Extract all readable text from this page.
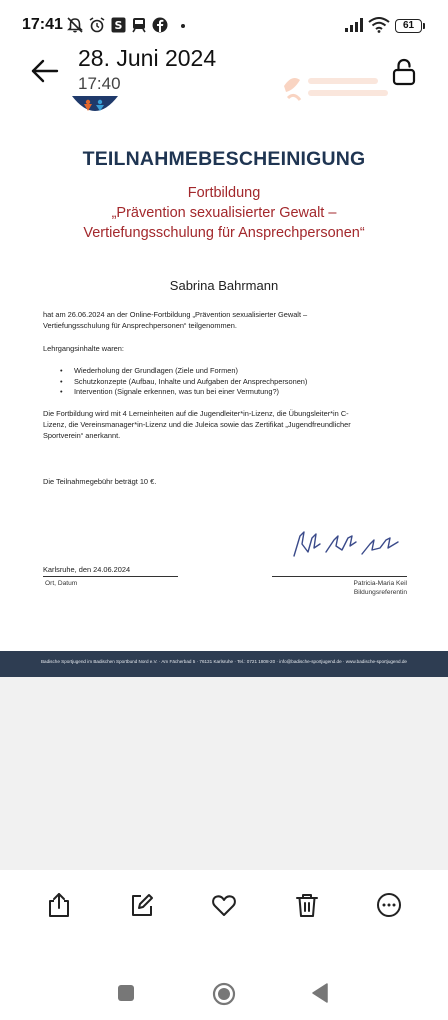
17:41	S	61
28. Juni 2024
17:40
TEILNAHMEBESCHEINIGUNG
Fortbildung
„Prävention sexualisierter Gewalt –
Vertiefungsschulung für Ansprechpersonen“
Sabrina Bahrmann
hat am 26.06.2024 an der Online-Fortbildung „Prävention sexualisierter Gewalt –
Vertiefungsschulung für Ansprechpersonen“ teilgenommen.
Lehrgangsinhalte waren:
• Wiederholung der Grundlagen (Ziele und Formen)
• Schutzkonzepte (Aufbau, Inhalte und Aufgaben der Ansprechpersonen)
• Intervention (Signale erkennen, was tun bei einer Vermutung?)
Die Fortbildung wird mit 4 Lerneinheiten auf die Jugendleiter*in-Lizenz, die Übungsleiter*in C-
Lizenz, die Vereinsmanager*in-Lizenz und die Juleica sowie das Zertifikat „Jugendfreundlicher
Sportverein“ anerkannt.
Die Teilnahmegebühr beträgt 10 €.
Karlsruhe, den 24.06.2024
Ort, Datum	Patricia-Maria Keil
Bildungsreferentin
Badische Sportjugend im Badischen Sportbund Nord e.V. · Am Fächerbad 5 · 76131 Karlsruhe · Tel.: 0721 1808-20 · info@badische-sportjugend.de · www.badische-sportjugend.de
